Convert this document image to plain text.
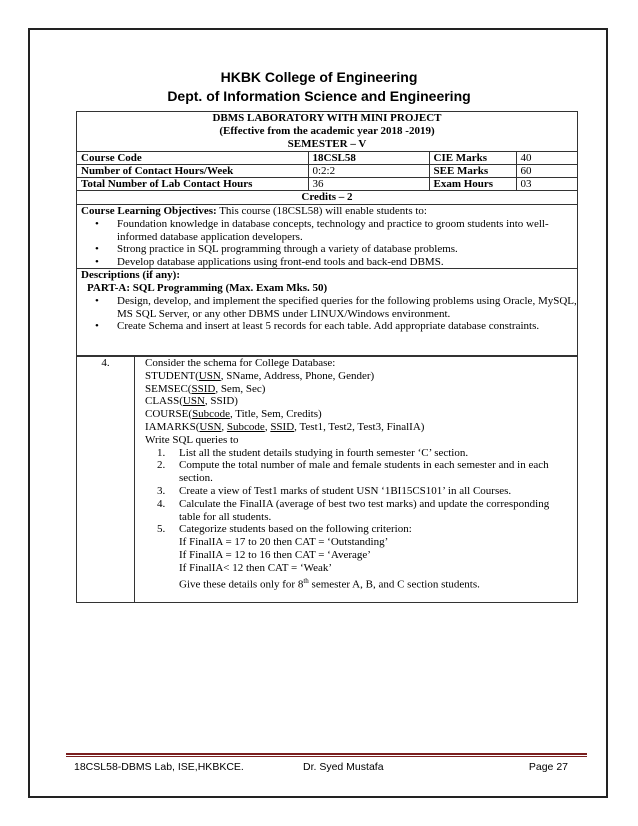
HKBK College of Engineering
Dept. of Information Science and Engineering
DBMS LABORATORY WITH MINI PROJECT
(Effective from the academic year 2018 -2019)
SEMESTER – V
Course Code	18CSL58	CIE Marks	40
Number of Contact Hours/Week	0:2:2	SEE Marks	60
Total Number of Lab Contact Hours	36	Exam Hours	03
Credits – 2
Course Learning Objectives: This course (18CSL58) will enable students to:
• Foundation knowledge in database concepts, technology and practice to groom students into well-informed database application developers.
• Strong practice in SQL programming through a variety of database problems.
• Develop database applications using front-end tools and back-end DBMS.
Descriptions (if any):
PART-A: SQL Programming (Max. Exam Mks. 50)
• Design, develop, and implement the specified queries for the following problems using Oracle, MySQL, MS SQL Server, or any other DBMS under LINUX/Windows environment.
• Create Schema and insert at least 5 records for each table. Add appropriate database constraints.
4.	Consider the schema for College Database:
STUDENT(USN, SName, Address, Phone, Gender)
SEMSEC(SSID, Sem, Sec)
CLASS(USN, SSID)
COURSE(Subcode, Title, Sem, Credits)
IAMARKS(USN, Subcode, SSID, Test1, Test2, Test3, FinalIA)
Write SQL queries to
1. List all the student details studying in fourth semester ‘C’ section.
2. Compute the total number of male and female students in each semester and in each section.
3. Create a view of Test1 marks of student USN ‘1BI15CS101’ in all Courses.
4. Calculate the FinalIA (average of best two test marks) and update the corresponding table for all students.
5. Categorize students based on the following criterion:
If FinalIA = 17 to 20 then CAT = ‘Outstanding’
If FinalIA = 12 to 16 then CAT = ‘Average’
If FinalIA< 12 then CAT = ‘Weak’
Give these details only for 8th semester A, B, and C section students.
18CSL58-DBMS Lab, ISE,HKBKCE.	Dr. Syed Mustafa	Page 27
